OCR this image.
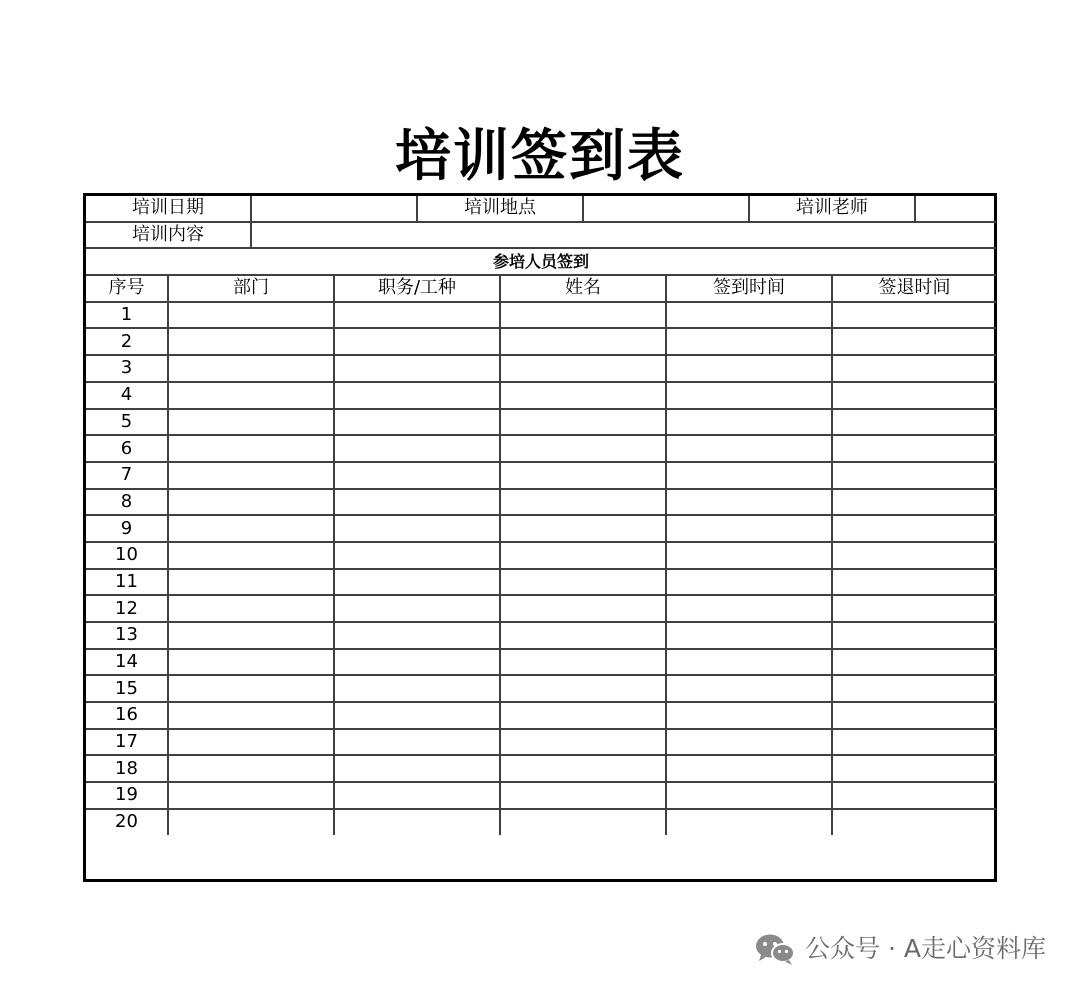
培训签到表
培训日期				培训地点				培训老师		
培训内容										
参培人员签到										
序号	部门		职务/工种		姓名		签到时间		签退时间	
1										
2										
3										
4										
5										
6										
7										
8										
9										
10										
11										
12										
13										
14										
15										
16										
17										
18										
19										
20										
公众号 · A走心资料库
